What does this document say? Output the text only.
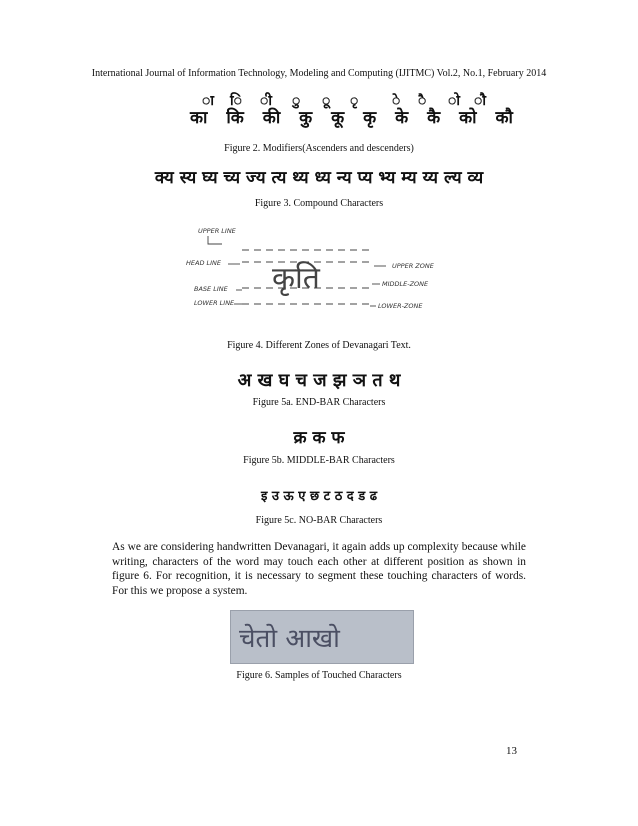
International Journal of Information Technology, Modeling and Computing (IJITMC) Vol.2, No.1, February 2014
ा ि ी ु ू ृ े ै ो ौ
का कि की कु कू कृ के कै को कौ
Figure 2. Modifiers(Ascenders and descenders)
क्य स्य घ्य च्य ज्य त्य थ्य ध्य न्य प्य भ्य म्य य्य ल्य व्य
Figure 3. Compound Characters
UPPER LINE
HEAD LINE
BASE LINE
LOWER LINE
UPPER ZONE
MIDDLE-ZONE
LOWER-ZONE
कृति
Figure 4. Different Zones of Devanagari Text.
अ ख घ च ज झ ञ त थ
Figure 5a. END-BAR Characters
क्र क फ
Figure 5b. MIDDLE-BAR Characters
इ उ ऊ ए छ ट ठ द ड ढ
Figure 5c. NO-BAR Characters
As we are considering handwritten Devanagari, it again adds up complexity because while writing, characters of the word may touch each other at different position as shown in figure 6. For recognition, it is necessary to segment these touching characters of words. For this we propose a system.
चेतो आखो
Figure 6. Samples of Touched Characters
13
